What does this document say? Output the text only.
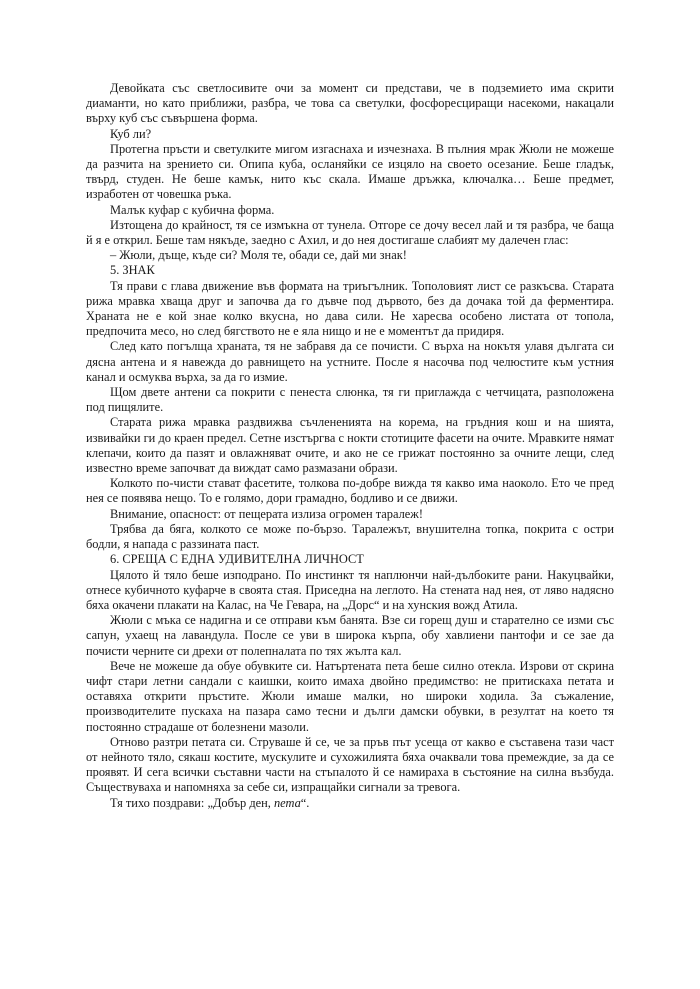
Девойката със светлосивите очи за момент си представи, че в подземието има скрити диаманти, но като приближи, разбра, че това са светулки, фосфоресциращи насекоми, накацали върху куб със съвършена форма.

Куб ли?

Протегна пръсти и светулките мигом изгаснаха и изчезнаха. В пълния мрак Жюли не можеше да разчита на зрението си. Опипа куба, осланяйки се изцяло на своето осезание. Беше гладък, твърд, студен. Не беше камък, нито къс скала. Имаше дръжка, ключалка… Беше предмет, изработен от човешка ръка.

Малък куфар с кубична форма.

Изтощена до крайност, тя се измъкна от тунела. Отгоре се дочу весел лай и тя разбра, че баща й я е открил. Беше там някъде, заедно с Ахил, и до нея достигаше слабият му далечен глас:

– Жюли, дъще, къде си? Моля те, обади се, дай ми знак!

5. ЗНАК

Тя прави с глава движение във формата на триъгълник. Тополовият лист се разкъсва. Старата рижа мравка хваща друг и започва да го дъвче под дървото, без да дочака той да ферментира. Храната не е кой знае колко вкусна, но дава сили. Не харесва особено листата от топола, предпочита месо, но след бягството не е яла нищо и не е моментът да придиря.

След като погълща храната, тя не забравя да се почисти. С върха на нокътя улавя дългата си дясна антена и я навежда до равнището на устните. После я насочва под челюстите към устния канал и осмуква върха, за да го измие.

Щом двете антени са покрити с пенеста слюнка, тя ги приглажда с четчицата, разположена под пищялите.

Старата рижа мравка раздвижва съчлененията на корема, на гръдния кош и на шията, извивайки ги до краен предел. Сетне изстъргва с нокти стотиците фасети на очите. Мравките нямат клепачи, които да пазят и овлажняват очите, и ако не се грижат постоянно за очните лещи, след известно време започват да виждат само размазани образи.

Колкото по-чисти стават фасетите, толкова по-добре вижда тя какво има наоколо. Ето че пред нея се появява нещо. То е голямо, дори грамадно, бодливо и се движи.

Внимание, опасност: от пещерата излиза огромен таралеж!

Трябва да бяга, колкото се може по-бързо. Таралежът, внушителна топка, покрита с остри бодли, я напада с раззината паст.

6. СРЕЩА С ЕДНА УДИВИТЕЛНА ЛИЧНОСТ

Цялото й тяло беше изподрано. По инстинкт тя наплюнчи най-дълбоките рани. Накуцвайки, отнесе кубичното куфарче в своята стая. Приседна на леглото. На стената над нея, от ляво надясно бяха окачени плакати на Калас, на Че Гевара, на „Дорс“ и на хунския вожд Атила.

Жюли с мъка се надигна и се отправи към банята. Взе си горещ душ и старателно се изми със сапун, ухаещ на лавандула. После се уви в широка кърпа, обу хавлиени пантофи и се зае да почисти черните си дрехи от полепналата по тях жълта кал.

Вече не можеше да обуе обувките си. Натъртената пета беше силно отекла. Изрови от скрина чифт стари летни сандали с каишки, които имаха двойно предимство: не притискаха петата и оставяха открити пръстите. Жюли имаше малки, но широки ходила. За съжаление, производителите пускаха на пазара само тесни и дълги дамски обувки, в резултат на което тя постоянно страдаше от болезнени мазоли.

Отново разтри петата си. Струваше й се, че за пръв път усеща от какво е съставена тази част от нейното тяло, сякаш костите, мускулите и сухожилията бяха очаквали това премеждие, за да се проявят. И сега всички съставни части на стъпалото й се намираха в състояние на силна възбуда. Съществуваха и напомняха за себе си, изпращайки сигнали за тревога.

Тя тихо поздрави: „Добър ден, пета“.
